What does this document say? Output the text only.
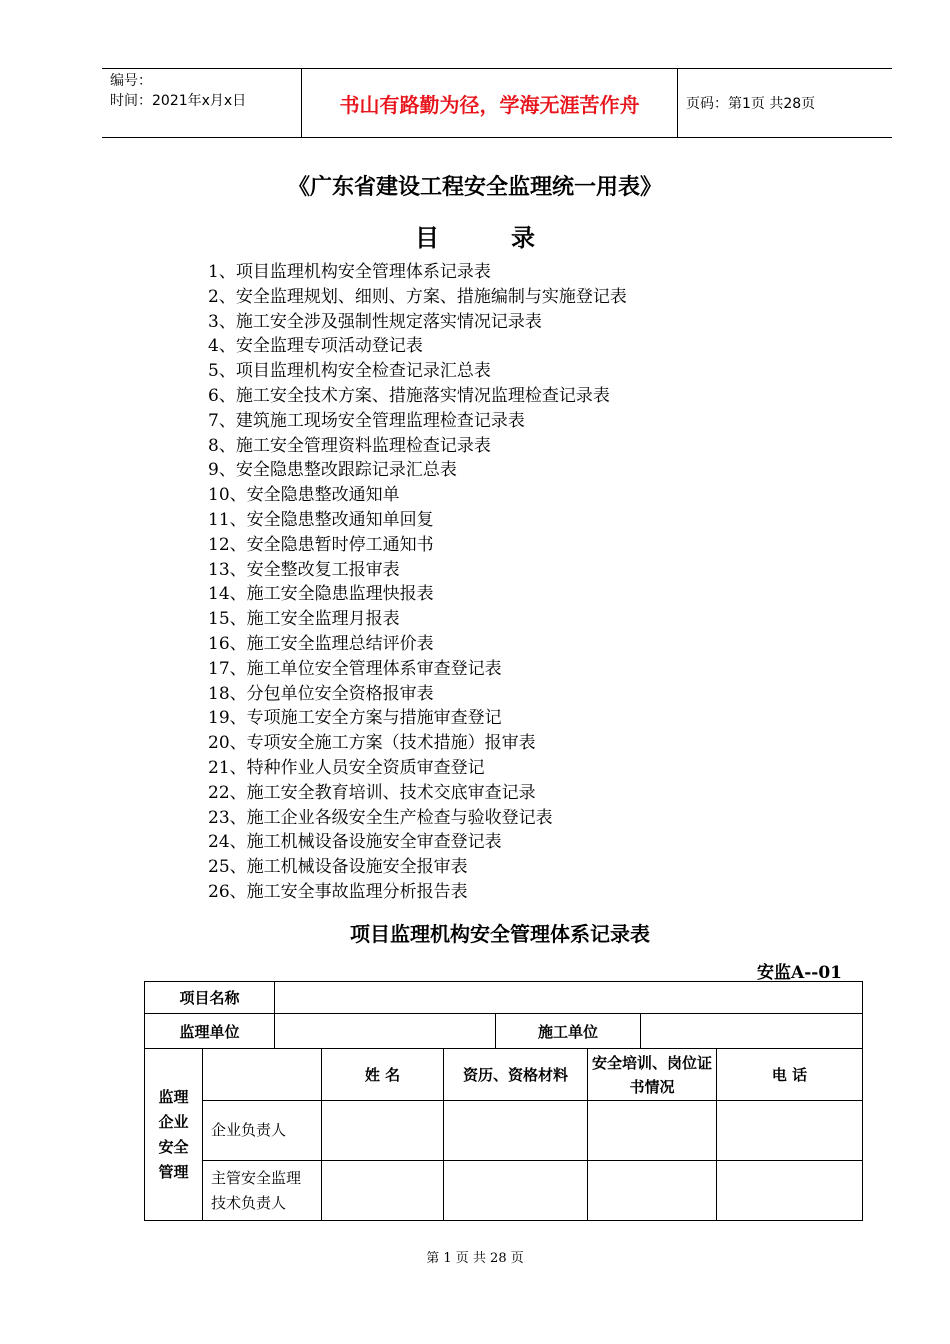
编号：
时间：2021年x月x日	书山有路勤为径，学海无涯苦作舟	页码：第1页 共28页
《广东省建设工程安全监理统一用表》
目	录
1、项目监理机构安全管理体系记录表
2、安全监理规划、细则、方案、措施编制与实施登记表
3、施工安全涉及强制性规定落实情况记录表
4、安全监理专项活动登记表
5、项目监理机构安全检查记录汇总表
6、施工安全技术方案、措施落实情况监理检查记录表
7、建筑施工现场安全管理监理检查记录表
8、施工安全管理资料监理检查记录表
9、安全隐患整改跟踪记录汇总表
10、安全隐患整改通知单
11、安全隐患整改通知单回复
12、安全隐患暂时停工通知书
13、安全整改复工报审表
14、施工安全隐患监理快报表
15、施工安全监理月报表
16、施工安全监理总结评价表
17、施工单位安全管理体系审查登记表
18、分包单位安全资格报审表
19、专项施工安全方案与措施审查登记
20、专项安全施工方案（技术措施）报审表
21、特种作业人员安全资质审查登记
22、施工安全教育培训、技术交底审查记录
23、施工企业各级安全生产检查与验收登记表
24、施工机械设备设施安全审查登记表
25、施工机械设备设施安全报审表
26、施工安全事故监理分析报告表
项目监理机构安全管理体系记录表
安监A--01
项目名称								
监理单位					施工单位			

监理
企业
安全
管理			姓 名	资历、资格材料		安全培训、岗位证书情况		电 话
	企业负责人							

	主管安全监理
技术负责人							

第 1 页 共 28 页
